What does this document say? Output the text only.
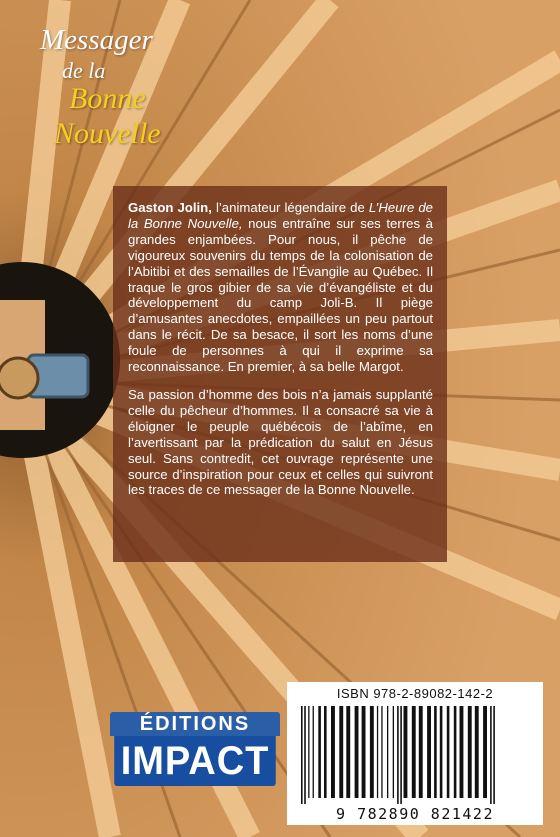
Messager
de la
Bonne
Nouvelle

Gaston Jolin, l’animateur légendaire de L’Heure de la Bonne Nouvelle, nous entraîne sur ses terres à grandes enjambées. Pour nous, il pêche de vigoureux souvenirs du temps de la colonisation de l’Abitibi et des semailles de l’Évangile au Québec. Il traque le gros gibier de sa vie d’évangéliste et du développement du camp Joli-B. Il piège d’amusantes anecdotes, empaillées un peu partout dans le récit. De sa besace, il sort les noms d’une foule de personnes à qui il exprime sa reconnaissance. En premier, à sa belle Margot.

Sa passion d’homme des bois n’a jamais supplanté celle du pêcheur d’hommes. Il a consacré sa vie à éloigner le peuple québécois de l’abîme, en l’avertissant par la prédication du salut en Jésus seul. Sans contredit, cet ouvrage représente une source d’inspiration pour ceux et celles qui suivront les traces de ce messager de la Bonne Nouvelle.

ÉDITIONS
IMPACT
ISBN 978-2-89082-142-2
9 782890 821422
